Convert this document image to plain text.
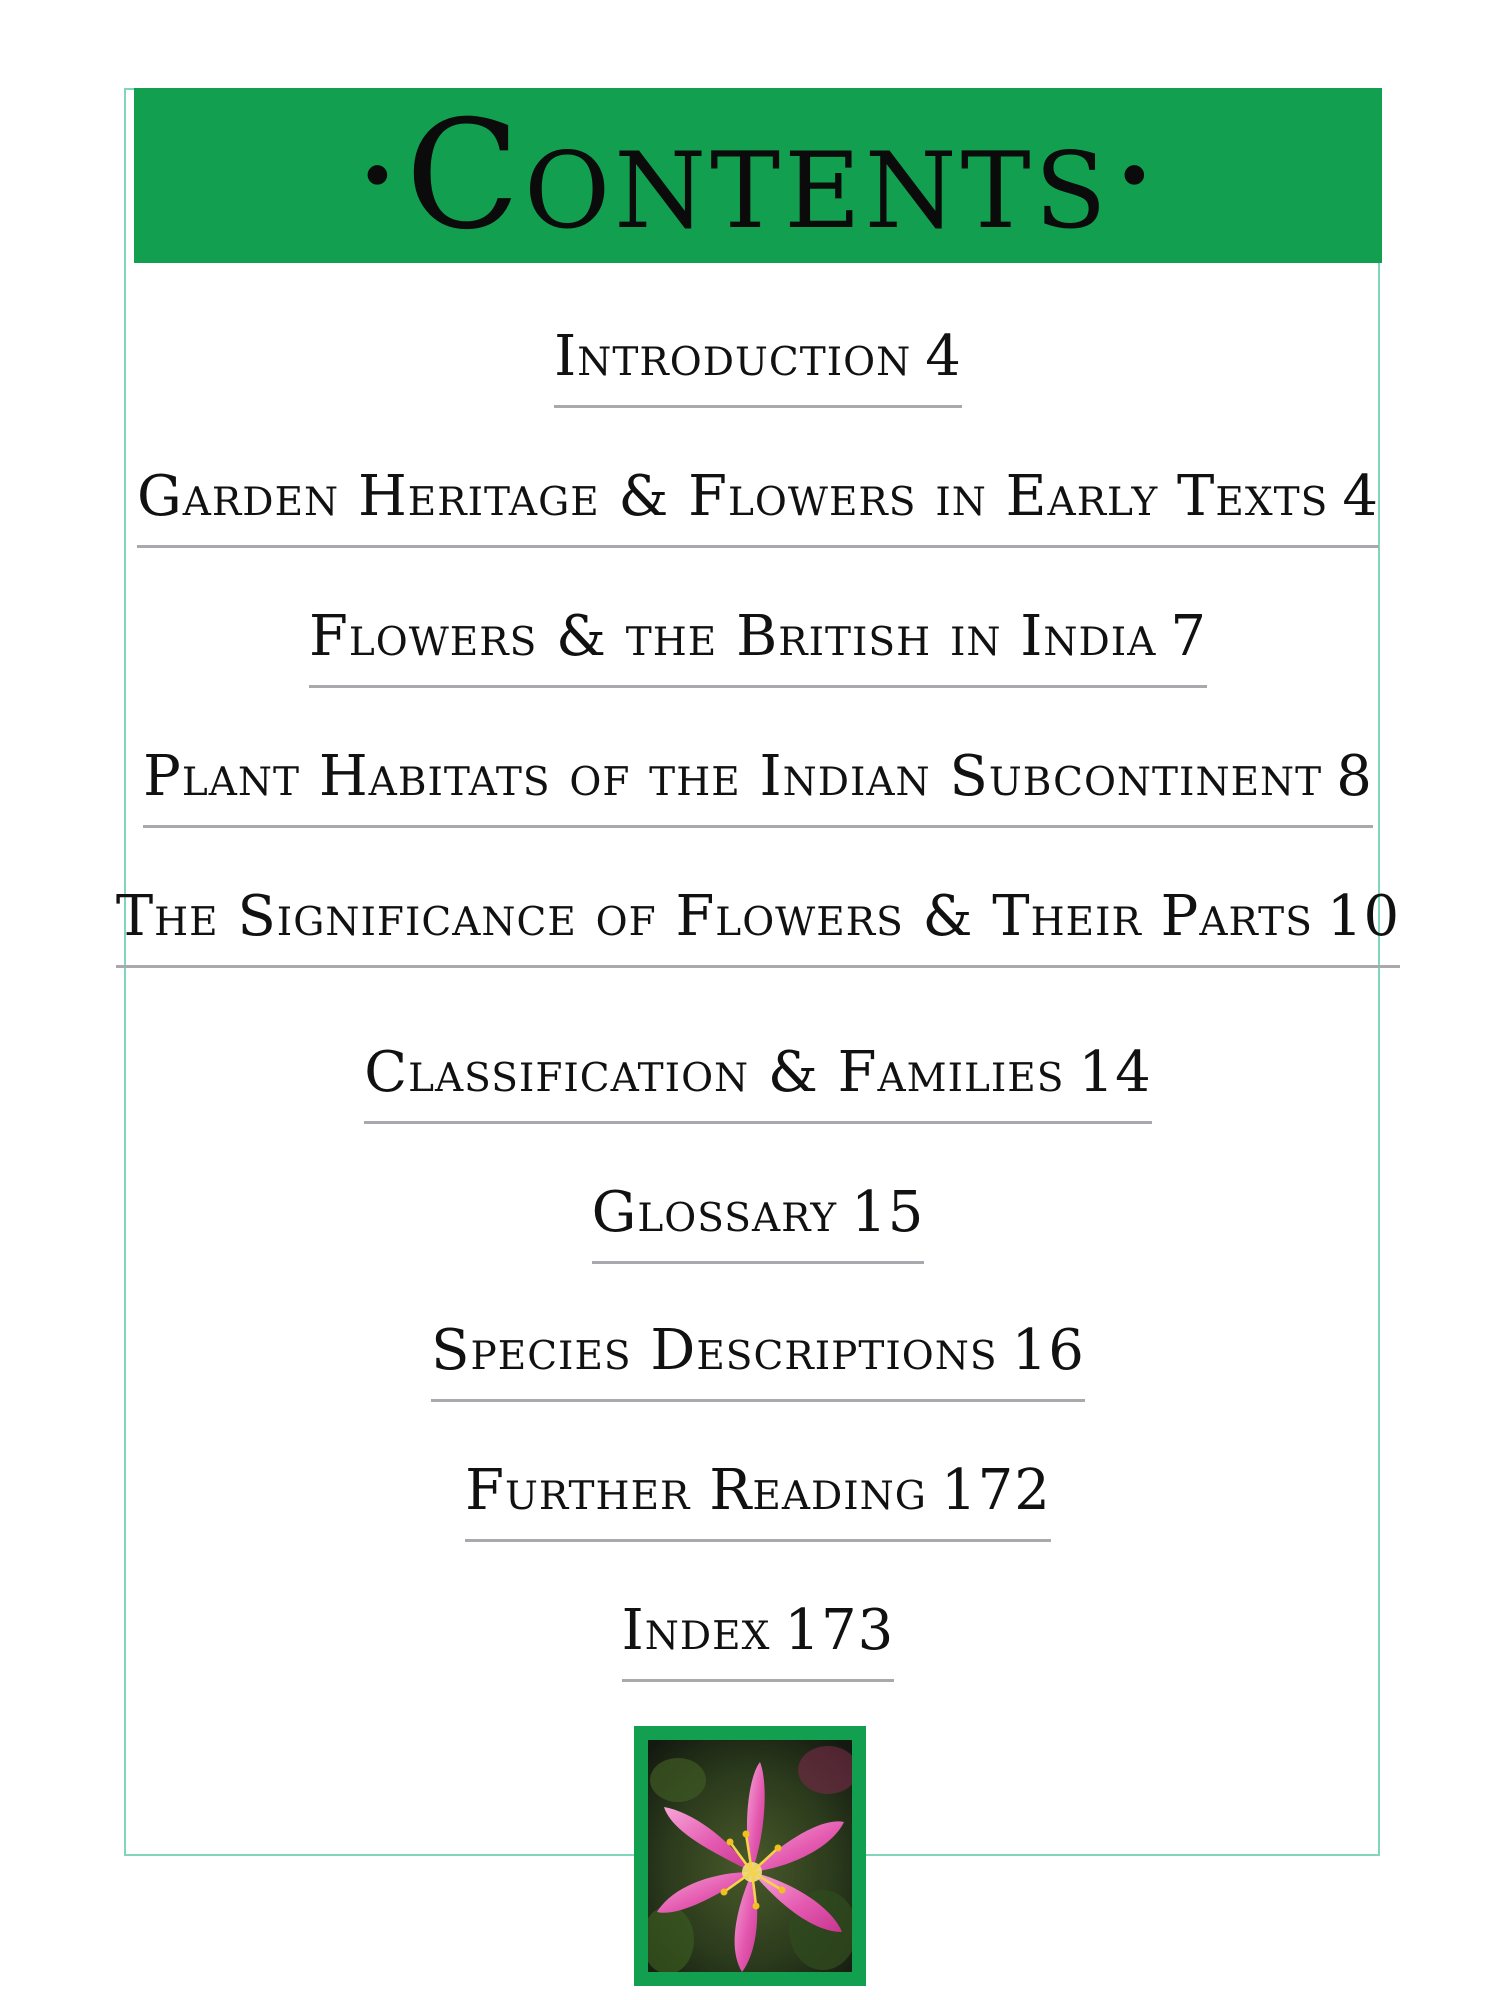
·Contents·
Introduction 4
Garden Heritage & Flowers in Early Texts 4
Flowers & the British in India 7
Plant Habitats of the Indian Subcontinent 8
The Significance of Flowers & Their Parts 10
Classification & Families 14
Glossary 15
Species Descriptions 16
Further Reading 172
Index 173
